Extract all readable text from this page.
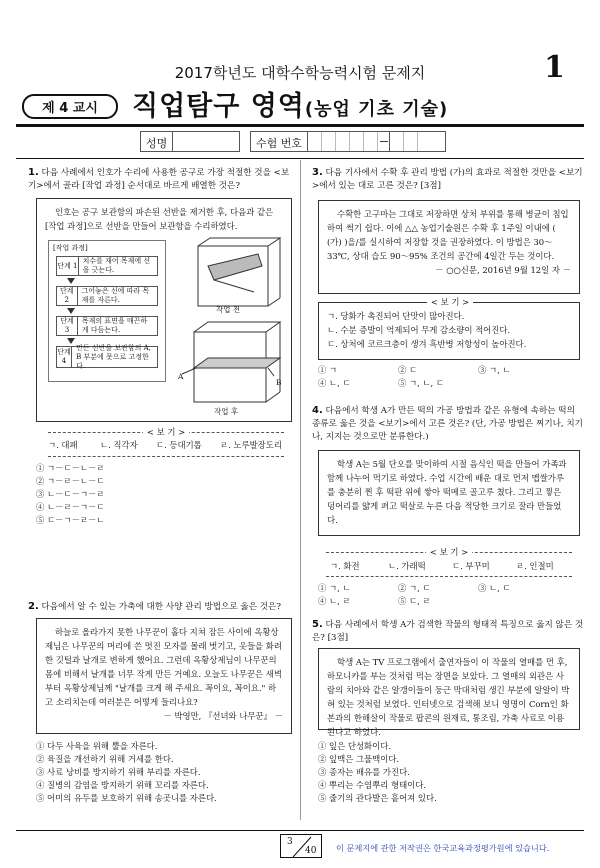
2017학년도 대학수학능력시험 문제지	1
제 4 교시	직업탐구 영역(농업 기초 기술)
성명	수험 번호
1. 다음 사례에서 인호가 수리에 사용한 공구로 가장 적절한 것을 <보기>에서 골라 [작업 과정] 순서대로 바르게 배열한 것은?
인호는 공구 보관함의 파손된 선반을 제거한 후, 다음과 같은 [작업 과정]으로 선반을 만들어 보관함을 수리하였다.
[작업 과정]
단계 1
치수를 재어 목재에 선을 긋는다.
단계 2
그어놓은 선에 따라 목재를 자른다.
단계 3
목재의 표면을 매끈하게 다듬는다.
단계 4
만든 선반을 보관함의 A, B 부분에 못으로 고정한다.
작업 전
작업 후
A
B
< 보 기 >
ㄱ. 대패	ㄴ. 직각자 ㄷ. 등대기톱 ㄹ. 노루발장도리
① ㄱ－ㄷ－ㄴ－ㄹ
② ㄱ－ㄹ－ㄴ－ㄷ
③ ㄴ－ㄷ－ㄱ－ㄹ
④ ㄴ－ㄹ－ㄱ－ㄷ
⑤ ㄷ－ㄱ－ㄹ－ㄴ
2. 다음에서 알 수 있는 가축에 대한 사양 관리 방법으로 옳은 것은?
하늘로 올라가지 못한 나무꾼이 홀다 지쳐 잠든 사이에 옥황상제님은 나무꾼의 머리에 쓴 멋진 모자를 몰래 벗기고, 옷들을 화려한 깃털과 날개로 변하게 했어요. 그런데 옥황상제님이 나무꾼의 몸에 비해서 날개를 너무 작게 만든 거예요. 오늘도 나무꾼은 새벽부터 옥황상제님께 "날개를 크게 해 주세요. 꼭이요, 꼭이요." 하고 소리치는데 여러분은 어떻게 들리나요?
－ 박영만, 『선녀와 나무꾼』 －
① 다두 사육을 위해 뿔을 자른다.
② 육질을 개선하기 위해 거세를 한다.
③ 사료 낭비를 방지하기 위해 부리를 자른다.
④ 질병의 감염을 방지하기 위해 꼬리를 자른다.
⑤ 어미의 유두를 보호하기 위해 송곳니를 자른다.
3. 다음 기사에서 수확 후 관리 방법 (가)의 효과로 적절한 것만을 <보기>에서 있는 대로 고른 것은? [3점]
수확한 고구마는 그대로 저장하면 상처 부위를 통해 병균이 침입하여 썩기 쉽다. 이에 △△ 농업기술원은 수확 후 1주일 이내에 ( (가) )을/를 실시하여 저장할 것을 권장하였다. 이 방법은 30～33℃, 상대 습도 90～95% 조건의 공간에 4일간 두는 것이다.
－ ○○신문, 2016년 9월 12일 자 －
< 보 기 >
ㄱ. 당화가 촉진되어 단맛이 많아진다.
ㄴ. 수분 증발이 억제되어 무게 감소량이 적어진다.
ㄷ. 상처에 코르크층이 생겨 흑반병 저항성이 높아진다.
① ㄱ	② ㄷ	③ ㄱ, ㄴ
④ ㄴ, ㄷ	⑤ ㄱ, ㄴ, ㄷ
4. 다음에서 학생 A가 만든 떡의 가공 방법과 같은 유형에 속하는 떡의 종류로 옳은 것을 <보기>에서 고른 것은? (단, 가공 방법은 찌기나, 치기나, 지지는 것으로만 분류한다.)
학생 A는 5월 단오를 맞이하여 시절 음식인 떡을 만들어 가족과 함께 나누어 먹기로 하였다. 수업 시간에 배운 대로 먼저 멥쌀가루를 충분히 찐 후 떡판 위에 쌓아 떡메로 골고루 쳤다. 그리고 찧은 덩어리를 얇게 펴고 떡살로 누른 다음 적당한 크기로 잘라 만들었다.
< 보 기 >
ㄱ. 화전	ㄴ. 가래떡	ㄷ. 부꾸미	ㄹ. 인절미
① ㄱ, ㄴ	② ㄱ, ㄷ	③ ㄴ, ㄷ
④ ㄴ, ㄹ	⑤ ㄷ, ㄹ
5. 다음 사례에서 학생 A가 검색한 작물의 형태적 특징으로 옳지 않은 것은? [3점]
학생 A는 TV 프로그램에서 출연자들이 이 작물의 열매를 먼 후, 하모니카를 부는 것처럼 먹는 장면을 보았다. 그 열매의 외관은 사람의 치아와 같은 알갱이들이 둥근 막대처럼 생긴 부분에 알알이 박혀 있는 것처럼 보였다. 인터넷으로 검색해 보니 영명이 Corn인 화본과의 한해살이 작물로 팝콘의 원재료, 통조림, 가축 사료로 이용된다고 하였다.
① 잎은 단성화이다.
② 잎맥은 그물맥이다.
③ 종자는 배유를 가진다.
④ 뿌리는 수염뿌리 형태이다.
⑤ 줄기의 관다발은 흩어져 있다.
3
40 이 문제지에 관한 저작권은 한국교육과정평가원에 있습니다.
